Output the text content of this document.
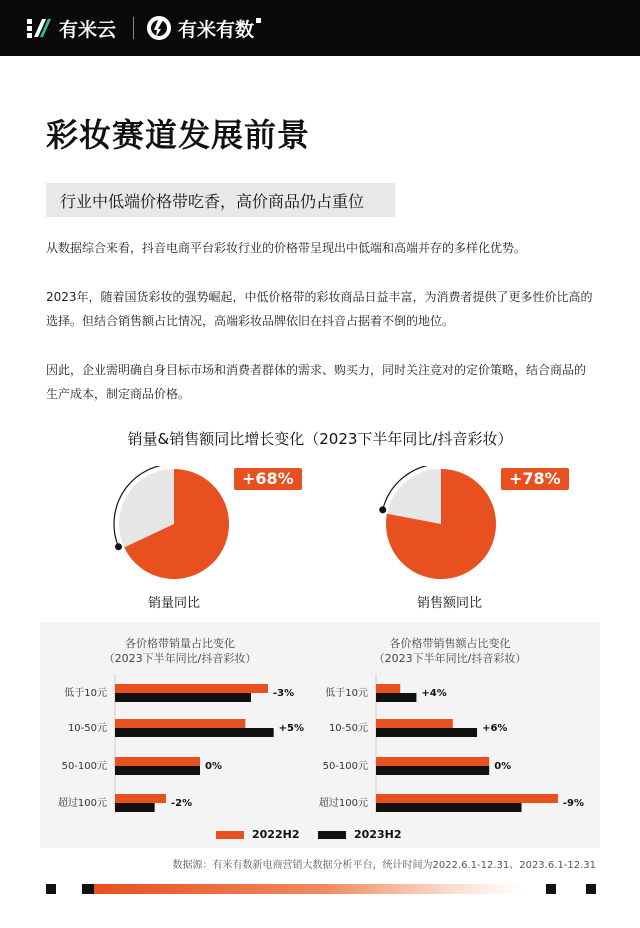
有米云	有米有数
彩妆赛道发展前景
行业中低端价格带吃香，高价商品仍占重位

从数据综合来看，抖音电商平台彩妆行业的价格带呈现出中低端和高端并存的多样化优势。

2023年，随着国货彩妆的强势崛起，中低价格带的彩妆商品日益丰富，为消费者提供了更多性价比高的选择。但结合销售额占比情况，高端彩妆品牌依旧在抖音占据着不倒的地位。

因此，企业需明确自身目标市场和消费者群体的需求、购买力，同时关注竞对的定价策略，结合商品的生产成本，制定商品价格。

销量&销售额同比增长变化（2023下半年同比/抖音彩妆）
+68%
销量同比
+78%
销售额同比
各价格带销量占比变化
（2023下半年同比/抖音彩妆）
各价格带销售额占比变化
（2023下半年同比/抖音彩妆）
低于10元	-3%
10-50元	+5%
50-100元	0%
超过100元	-2%
低于10元	+4%
10-50元	+6%
50-100元	0%
超过100元	-9%
2022H2	2023H2
数据源：有米有数新电商营销大数据分析平台，统计时间为2022.6.1-12.31、2023.6.1-12.31
